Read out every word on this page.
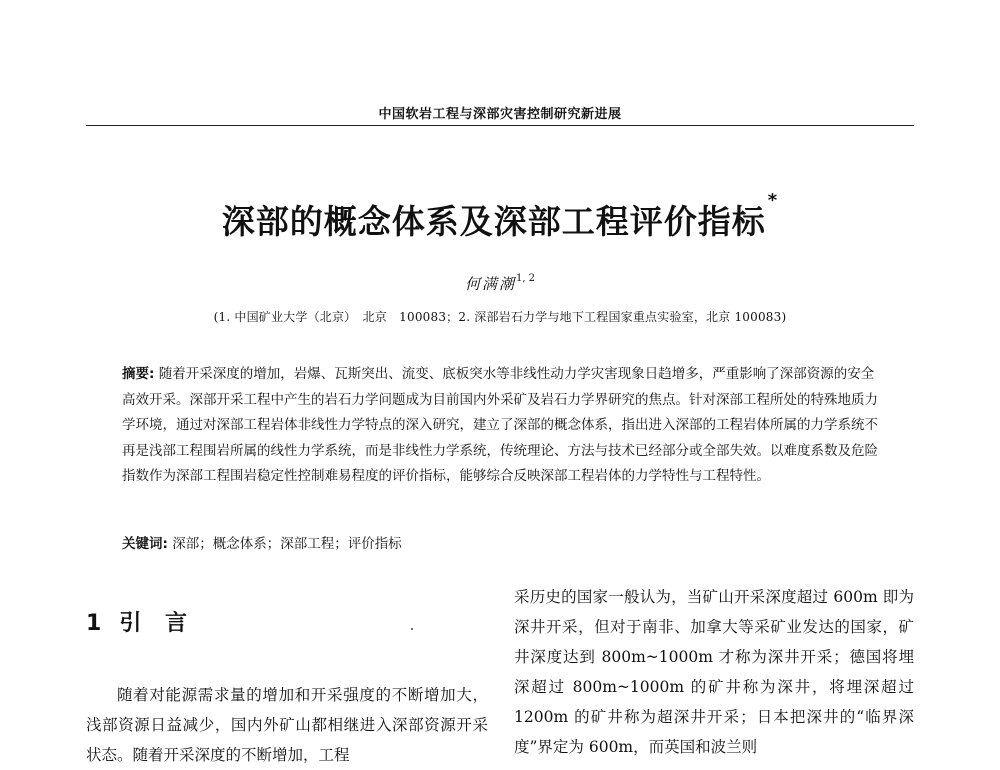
中国软岩工程与深部灾害控制研究新进展
深部的概念体系及深部工程评价指标*
何满潮$^{1, 2}$
(1. 中国矿业大学（北京）　北京　100083；2. 深部岩石力学与地下工程国家重点实验室，北京 100083)
摘要: 随着开采深度的增加，岩爆、瓦斯突出、流变、底板突水等非线性动力学灾害现象日趋增多，严重影响了深部资源的安全高效开采。深部开采工程中产生的岩石力学问题成为目前国内外采矿及岩石力学界研究的焦点。针对深部工程所处的特殊地质力学环境，通过对深部工程岩体非线性力学特点的深入研究，建立了深部的概念体系，指出进入深部的工程岩体所属的力学系统不再是浅部工程围岩所属的线性力学系统，而是非线性力学系统，传统理论、方法与技术已经部分或全部失效。以难度系数及危险指数作为深部工程围岩稳定性控制难易程度的评价指标，能够综合反映深部工程岩体的力学特性与工程特性。
关键词: 深部；概念体系；深部工程；评价指标
1 引 言

随着对能源需求量的增加和开采强度的不断增加大，浅部资源日益减少，国内外矿山都相继进入深部资源开采状态。随着开采深度的不断增加，工程

采历史的国家一般认为，当矿山开采深度超过 600m 即为深井开采，但对于南非、加拿大等采矿业发达的国家，矿井深度达到 800m~1000m 才称为深井开采；德国将埋深超过 800m~1000m 的矿井称为深井，将埋深超过 1200m 的矿井称为超深井开采；日本把深井的“临界深度”界定为 600m，而英国和波兰则
